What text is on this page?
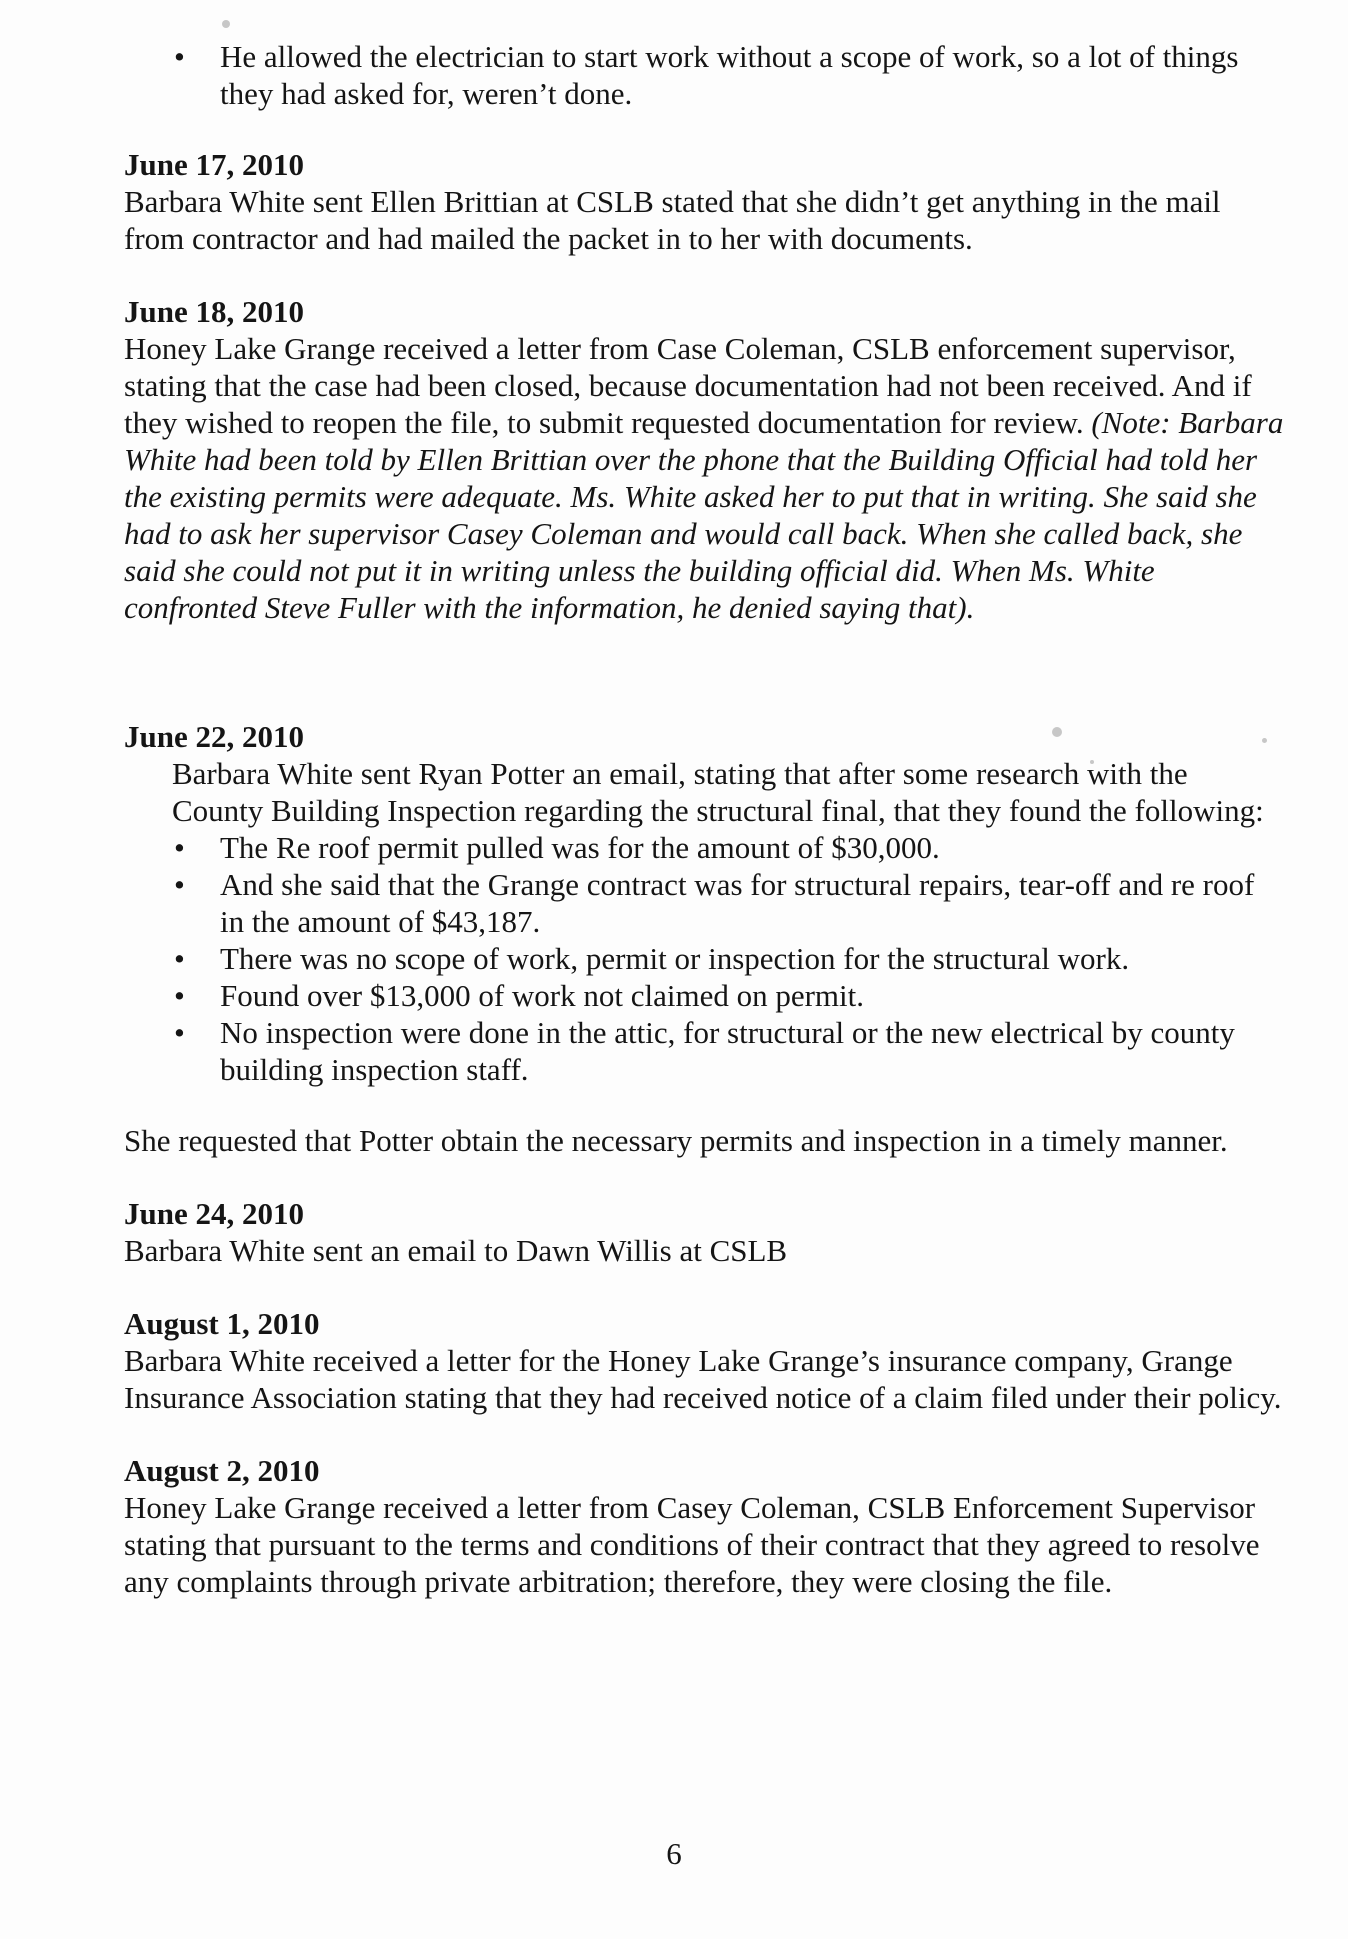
• He allowed the electrician to start work without a scope of work, so a lot of things they had asked for, weren’t done.

June 17, 2010

Barbara White sent Ellen Brittian at CSLB stated that she didn’t get anything in the mail from contractor and had mailed the packet in to her with documents.

June 18, 2010

Honey Lake Grange received a letter from Case Coleman, CSLB enforcement supervisor, stating that the case had been closed, because documentation had not been received. And if they wished to reopen the file, to submit requested documentation for review. (Note: Barbara White had been told by Ellen Brittian over the phone that the Building Official had told her the existing permits were adequate. Ms. White asked her to put that in writing. She said she had to ask her supervisor Casey Coleman and would call back. When she called back, she said she could not put it in writing unless the building official did. When Ms. White confronted Steve Fuller with the information, he denied saying that).

June 22, 2010

Barbara White sent Ryan Potter an email, stating that after some research with the County Building Inspection regarding the structural final, that they found the following:

• The Re roof permit pulled was for the amount of $30,000.
• And she said that the Grange contract was for structural repairs, tear-off and re roof in the amount of $43,187.
• There was no scope of work, permit or inspection for the structural work.
• Found over $13,000 of work not claimed on permit.
• No inspection were done in the attic, for structural or the new electrical by county building inspection staff.

She requested that Potter obtain the necessary permits and inspection in a timely manner.

June 24, 2010

Barbara White sent an email to Dawn Willis at CSLB

August 1, 2010

Barbara White received a letter for the Honey Lake Grange’s insurance company, Grange Insurance Association stating that they had received notice of a claim filed under their policy.

August 2, 2010

Honey Lake Grange received a letter from Casey Coleman, CSLB Enforcement Supervisor stating that pursuant to the terms and conditions of their contract that they agreed to resolve any complaints through private arbitration; therefore, they were closing the file.

6
